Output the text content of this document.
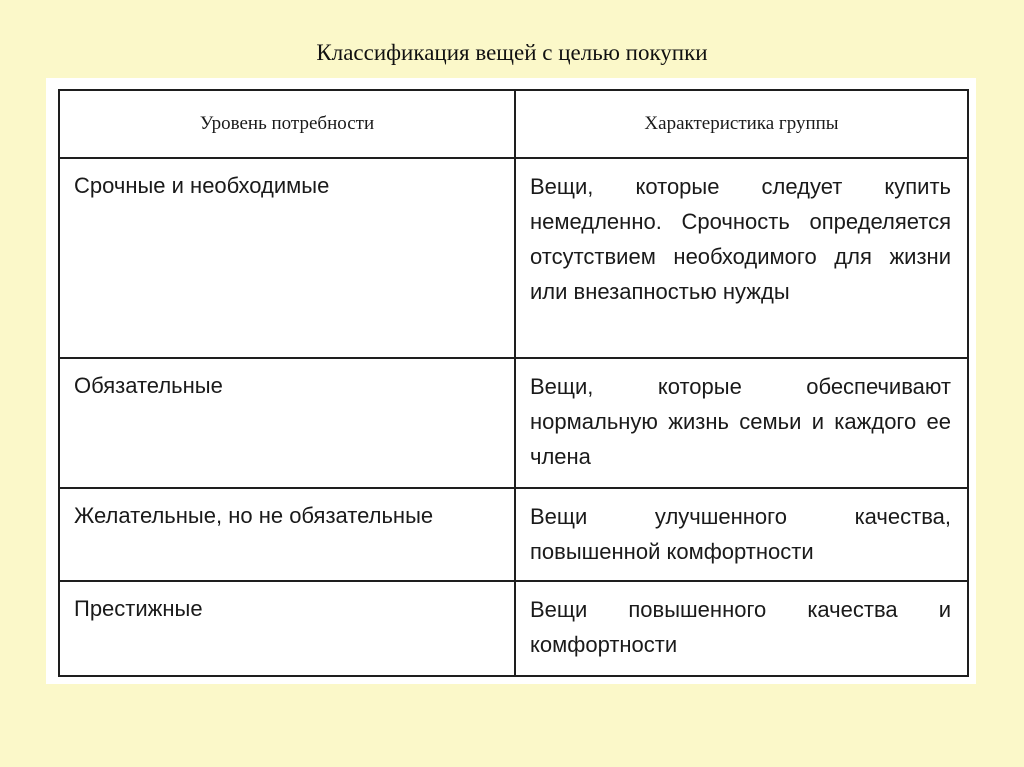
Классификация вещей с целью покупки
Уровень потребности	Характеристика группы
Срочные и необходимые	Вещи, которые следует купить немедленно. Срочность определяется отсутствием необходимого для жизни или внезапностью нужды
Обязательные	Вещи, которые обеспечивают нормальную жизнь семьи и каждого ее члена
Желательные, но не обязательные	Вещи улучшенного качества, повышенной комфортности
Престижные	Вещи повышенного качества и комфортности
